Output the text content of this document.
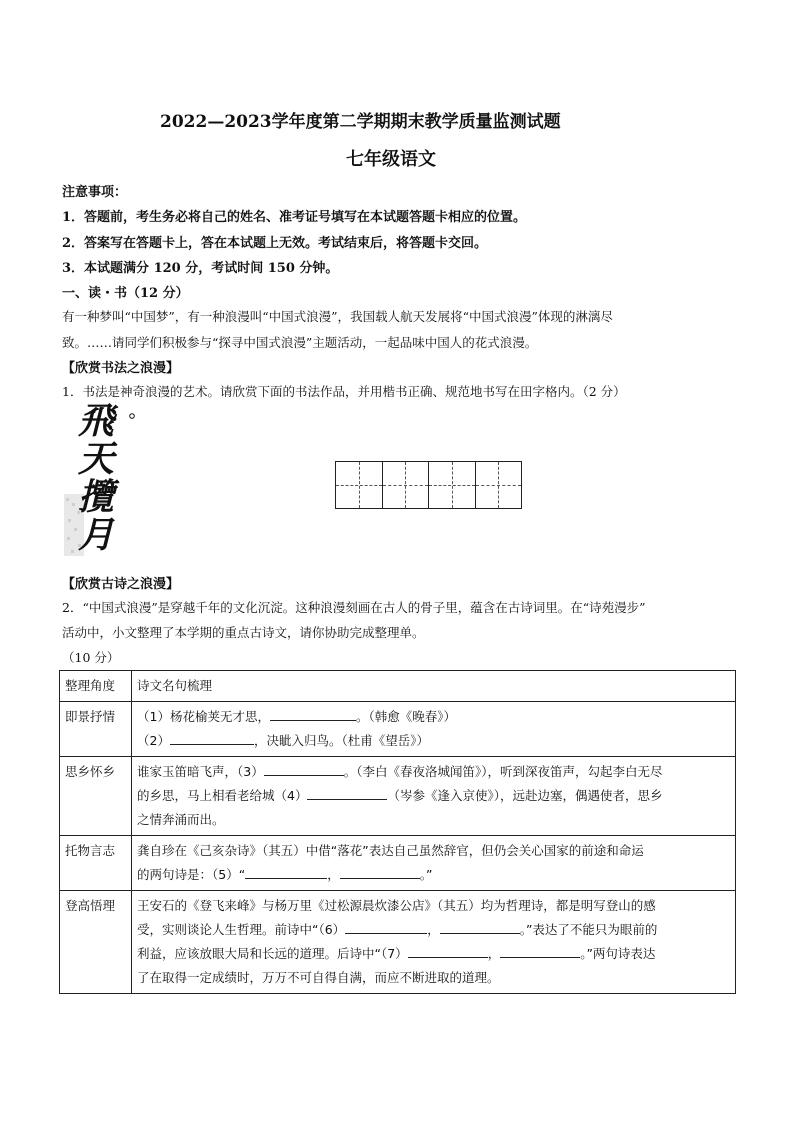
2022—2023学年度第二学期期末教学质量监测试题
七年级语文
注意事项：
1．答题前，考生务必将自己的姓名、准考证号填写在本试题答题卡相应的位置。
2．答案写在答题卡上，答在本试题上无效。考试结束后，将答题卡交回。
3．本试题满分 120 分，考试时间 150 分钟。
一、读・书（12 分）
有一种梦叫“中国梦”，有一种浪漫叫“中国式浪漫”，我国载人航天发展将“中国式浪漫”体现的淋漓尽
致。……请同学们积极参与“探寻中国式浪漫”主题活动，一起品味中国人的花式浪漫。
【欣赏书法之浪漫】
1．书法是神奇浪漫的艺术。请欣赏下面的书法作品，并用楷书正确、规范地书写在田字格内。（2 分）
飛天攬月
【欣赏古诗之浪漫】
2．“中国式浪漫”是穿越千年的文化沉淀。这种浪漫刻画在古人的骨子里，蕴含在古诗词里。在“诗苑漫步”
活动中，小文整理了本学期的重点古诗文，请你协助完成整理单。
（10 分）
整理角度	诗文名句梳理
即景抒情	（1）杨花榆荚无才思， 。（韩愈《晚春》）
（2） ，决眦入归鸟。（杜甫《望岳》）

思乡怀乡	谁家玉笛暗飞声，（3） 。（李白《春夜洛城闻笛》），听到深夜笛声，勾起李白无尽
的乡思，马上相看老给城（4） （岑参《逢入京使》），远赴边塞，偶遇使者，思乡
之情奔涌而出。

托物言志	龚自珍在《己亥杂诗》（其五）中借“落花”表达自己虽然辞官，但仍会关心国家的前途和命运
的两句诗是：（5）“ ， 。”

登高悟理	王安石的《登飞来峰》与杨万里《过松源晨炊漆公店》（其五）均为哲理诗，都是明写登山的感
受，实则谈论人生哲理。前诗中“（6） ， 。”表达了不能只为眼前的
利益，应该放眼大局和长远的道理。后诗中“（7） ， 。”两句诗表达
了在取得一定成绩时，万万不可自得自满，而应不断进取的道理。
